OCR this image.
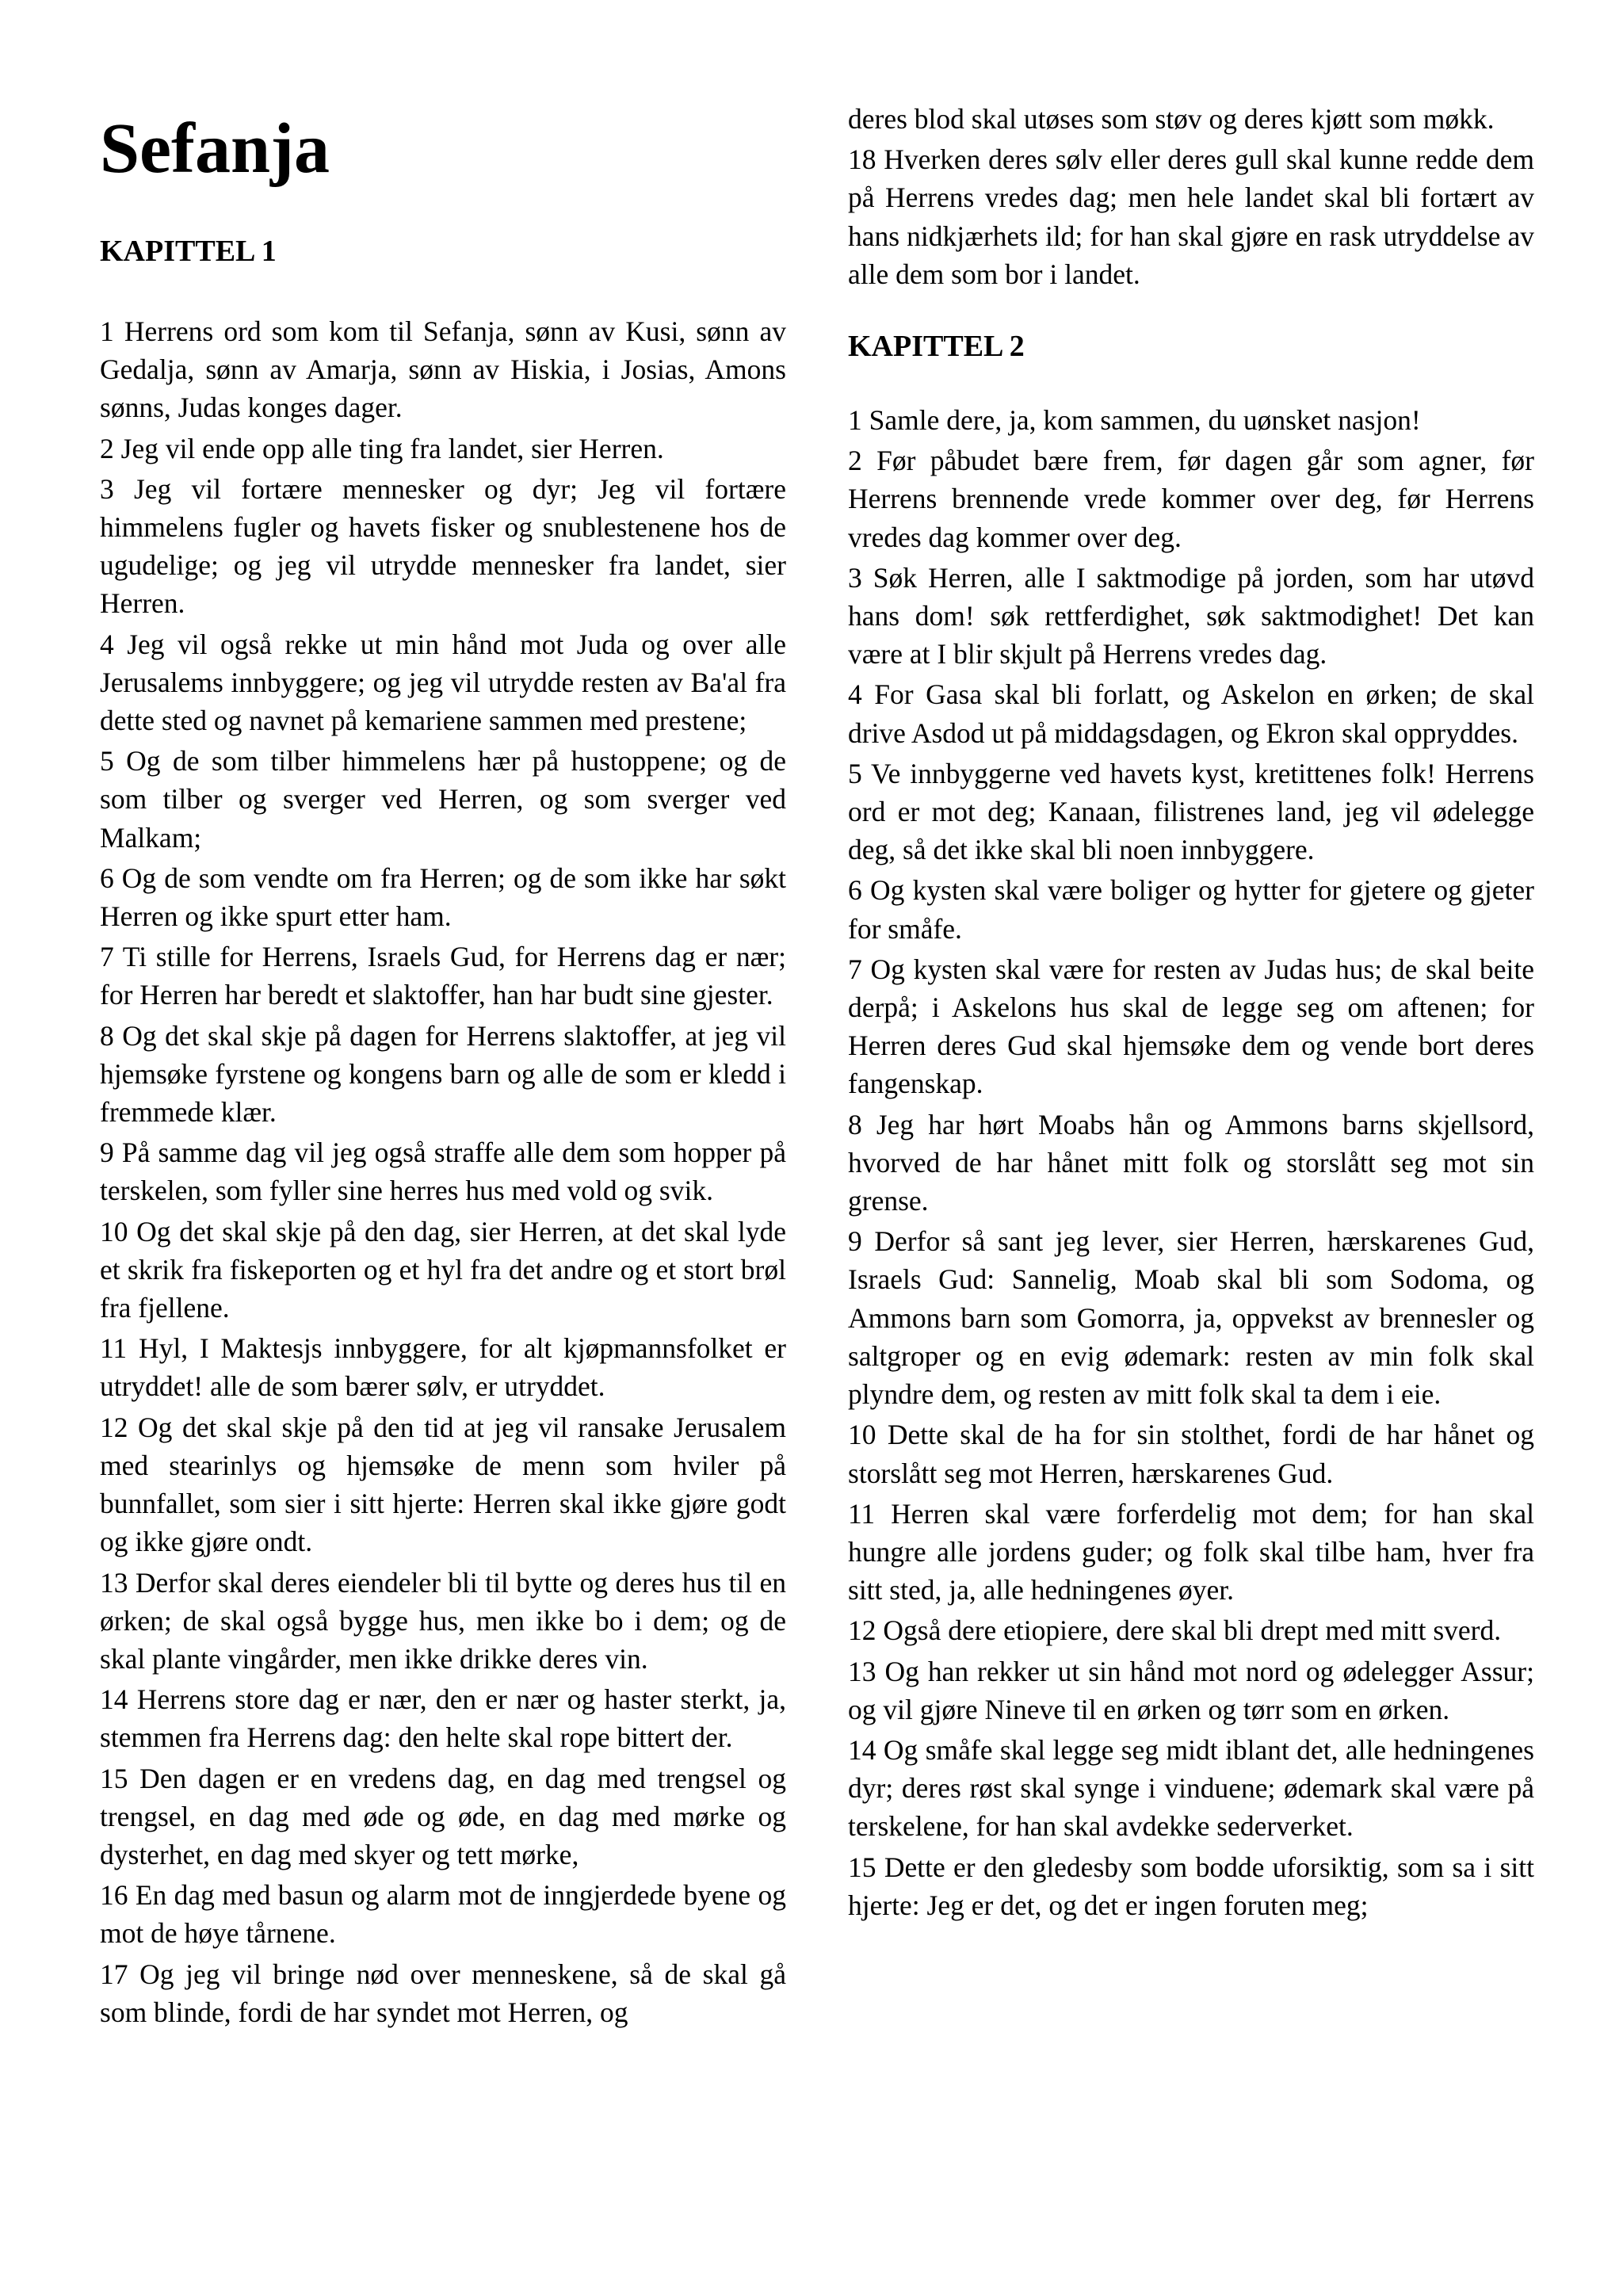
Sefanja
KAPITTEL 1

1 Herrens ord som kom til Sefanja, sønn av Kusi, sønn av Gedalja, sønn av Amarja, sønn av Hiskia, i Josias, Amons sønns, Judas konges dager.

2 Jeg vil ende opp alle ting fra landet, sier Herren.

3 Jeg vil fortære mennesker og dyr; Jeg vil fortære himmelens fugler og havets fisker og snublestenene hos de ugudelige; og jeg vil utrydde mennesker fra landet, sier Herren.

4 Jeg vil også rekke ut min hånd mot Juda og over alle Jerusalems innbyggere; og jeg vil utrydde resten av Ba'al fra dette sted og navnet på kemariene sammen med prestene;

5 Og de som tilber himmelens hær på hustoppene; og de som tilber og sverger ved Herren, og som sverger ved Malkam;

6 Og de som vendte om fra Herren; og de som ikke har søkt Herren og ikke spurt etter ham.

7 Ti stille for Herrens, Israels Gud, for Herrens dag er nær; for Herren har beredt et slaktoffer, han har budt sine gjester.

8 Og det skal skje på dagen for Herrens slaktoffer, at jeg vil hjemsøke fyrstene og kongens barn og alle de som er kledd i fremmede klær.

9 På samme dag vil jeg også straffe alle dem som hopper på terskelen, som fyller sine herres hus med vold og svik.

10 Og det skal skje på den dag, sier Herren, at det skal lyde et skrik fra fiskeporten og et hyl fra det andre og et stort brøl fra fjellene.

11 Hyl, I Maktesjs innbyggere, for alt kjøpmannsfolket er utryddet! alle de som bærer sølv, er utryddet.

12 Og det skal skje på den tid at jeg vil ransake Jerusalem med stearinlys og hjemsøke de menn som hviler på bunnfallet, som sier i sitt hjerte: Herren skal ikke gjøre godt og ikke gjøre ondt.

13 Derfor skal deres eiendeler bli til bytte og deres hus til en ørken; de skal også bygge hus, men ikke bo i dem; og de skal plante vingårder, men ikke drikke deres vin.

14 Herrens store dag er nær, den er nær og haster sterkt, ja, stemmen fra Herrens dag: den helte skal rope bittert der.

15 Den dagen er en vredens dag, en dag med trengsel og trengsel, en dag med øde og øde, en dag med mørke og dysterhet, en dag med skyer og tett mørke,

16 En dag med basun og alarm mot de inngjerdede byene og mot de høye tårnene.

17 Og jeg vil bringe nød over menneskene, så de skal gå som blinde, fordi de har syndet mot Herren, og

deres blod skal utøses som støv og deres kjøtt som møkk.

18 Hverken deres sølv eller deres gull skal kunne redde dem på Herrens vredes dag; men hele landet skal bli fortært av hans nidkjærhets ild; for han skal gjøre en rask utryddelse av alle dem som bor i landet.

KAPITTEL 2

1 Samle dere, ja, kom sammen, du uønsket nasjon!

2 Før påbudet bære frem, før dagen går som agner, før Herrens brennende vrede kommer over deg, før Herrens vredes dag kommer over deg.

3 Søk Herren, alle I saktmodige på jorden, som har utøvd hans dom! søk rettferdighet, søk saktmodighet! Det kan være at I blir skjult på Herrens vredes dag.

4 For Gasa skal bli forlatt, og Askelon en ørken; de skal drive Asdod ut på middagsdagen, og Ekron skal oppryddes.

5 Ve innbyggerne ved havets kyst, kretittenes folk! Herrens ord er mot deg; Kanaan, filistrenes land, jeg vil ødelegge deg, så det ikke skal bli noen innbyggere.

6 Og kysten skal være boliger og hytter for gjetere og gjeter for småfe.

7 Og kysten skal være for resten av Judas hus; de skal beite derpå; i Askelons hus skal de legge seg om aftenen; for Herren deres Gud skal hjemsøke dem og vende bort deres fangenskap.

8 Jeg har hørt Moabs hån og Ammons barns skjellsord, hvorved de har hånet mitt folk og storslått seg mot sin grense.

9 Derfor så sant jeg lever, sier Herren, hærskarenes Gud, Israels Gud: Sannelig, Moab skal bli som Sodoma, og Ammons barn som Gomorra, ja, oppvekst av brennesler og saltgroper og en evig ødemark: resten av min folk skal plyndre dem, og resten av mitt folk skal ta dem i eie.

10 Dette skal de ha for sin stolthet, fordi de har hånet og storslått seg mot Herren, hærskarenes Gud.

11 Herren skal være forferdelig mot dem; for han skal hungre alle jordens guder; og folk skal tilbe ham, hver fra sitt sted, ja, alle hedningenes øyer.

12 Også dere etiopiere, dere skal bli drept med mitt sverd.

13 Og han rekker ut sin hånd mot nord og ødelegger Assur; og vil gjøre Nineve til en ørken og tørr som en ørken.

14 Og småfe skal legge seg midt iblant det, alle hedningenes dyr; deres røst skal synge i vinduene; ødemark skal være på terskelene, for han skal avdekke sederverket.

15 Dette er den gledesby som bodde uforsiktig, som sa i sitt hjerte: Jeg er det, og det er ingen foruten meg;
